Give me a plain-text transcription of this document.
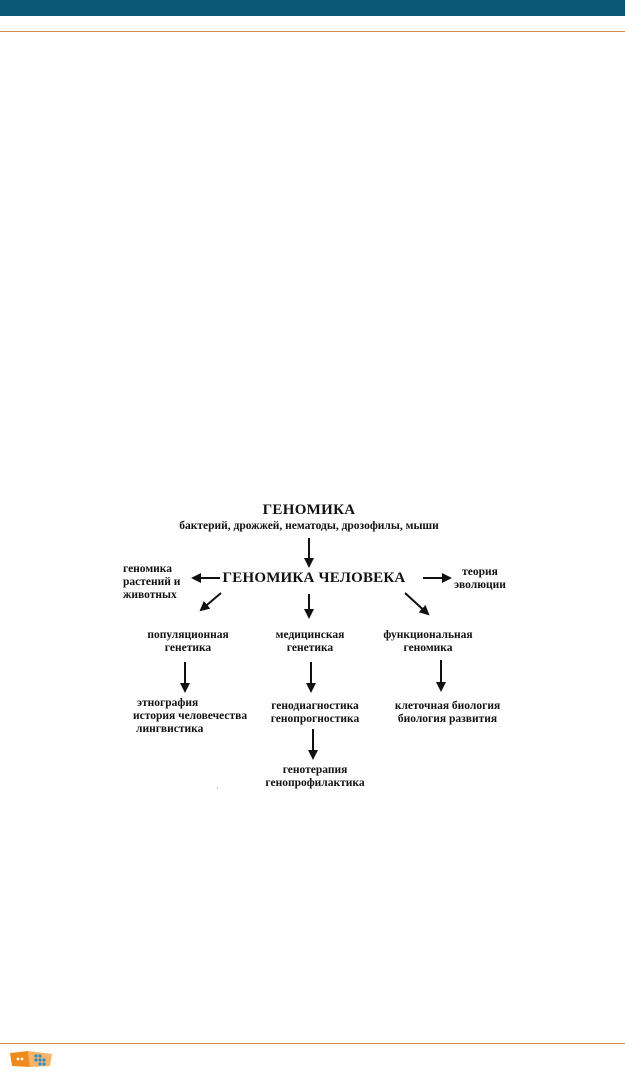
ГЕНОМИКА
бактерий, дрожжей, нематоды, дрозофилы, мыши
ГЕНОМИКА ЧЕЛОВЕКА
геномика
растений и
животных
теория
эволюции
популяционная
генетика
медицинская
генетика
функциональная
геномика
этнография
история человечества
лингвистика
генодиагностика
генопрогностика
генотерапия
генопрофилактика
клеточная биология
биология развития
